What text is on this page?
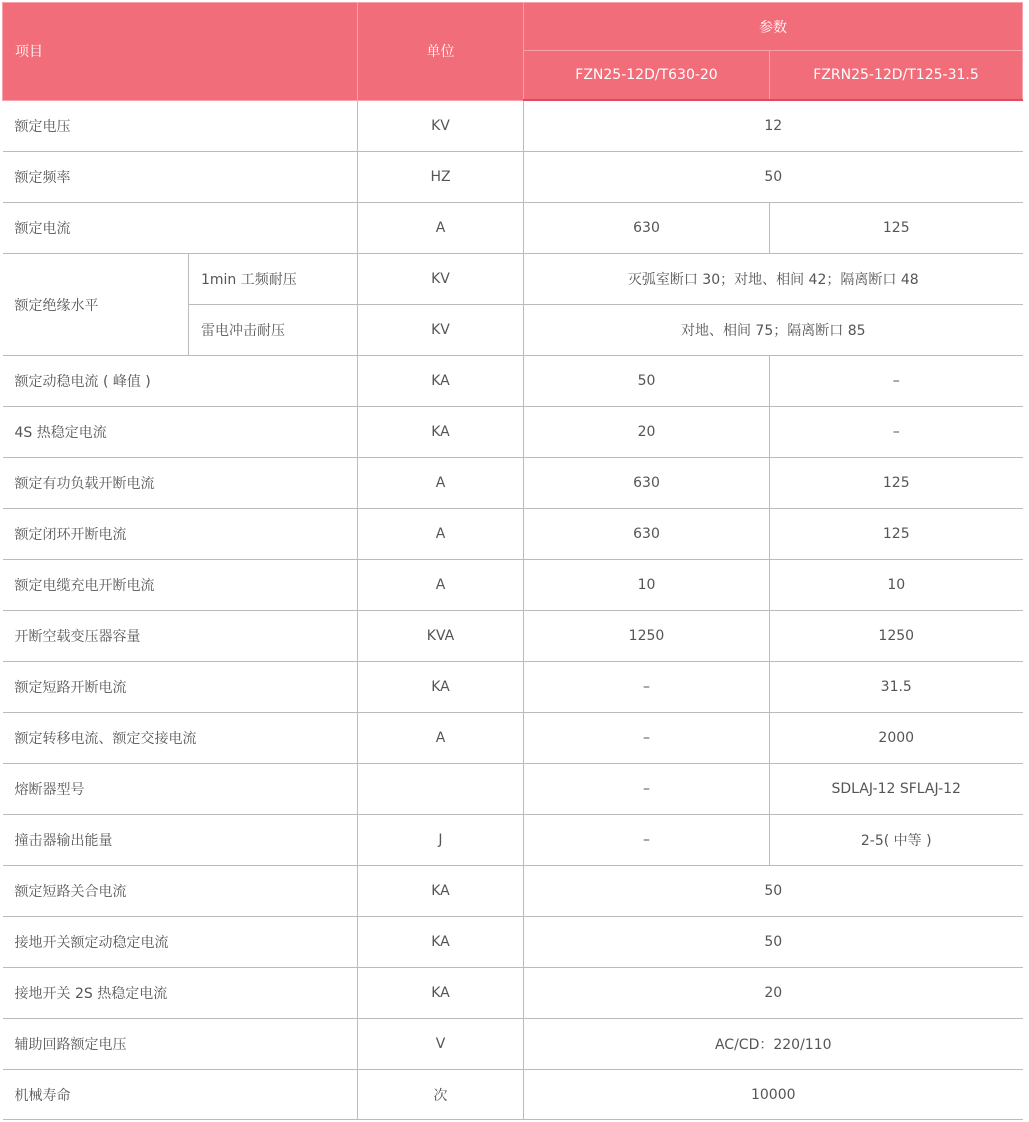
项目		单位	参数	
			FZN25-12D/T630-20	FZRN25-12D/T125-31.5
额定电压		KV	12	
额定频率		HZ	50	
额定电流		A	630	125
额定绝缘水平	1min 工频耐压	KV	灭弧室断口 30；对地、相间 42；隔离断口 48	
	雷电冲击耐压	KV	对地、相间 75；隔离断口 85	
额定动稳电流 ( 峰值 )		KA	50	–
4S 热稳定电流		KA	20	–
额定有功负载开断电流		A	630	125
额定闭环开断电流		A	630	125
额定电缆充电开断电流		A	10	10
开断空载变压器容量		KVA	1250	1250
额定短路开断电流		KA	–	31.5
额定转移电流、额定交接电流		A	–	2000
熔断器型号			–	SDLAJ-12 SFLAJ-12
撞击器输出能量		J	–	2-5( 中等 )
额定短路关合电流		KA	50	
接地开关额定动稳定电流		KA	50	
接地开关 2S 热稳定电流		KA	20	
辅助回路额定电压		V	AC/CD：220/110	
机械寿命		次	10000	
